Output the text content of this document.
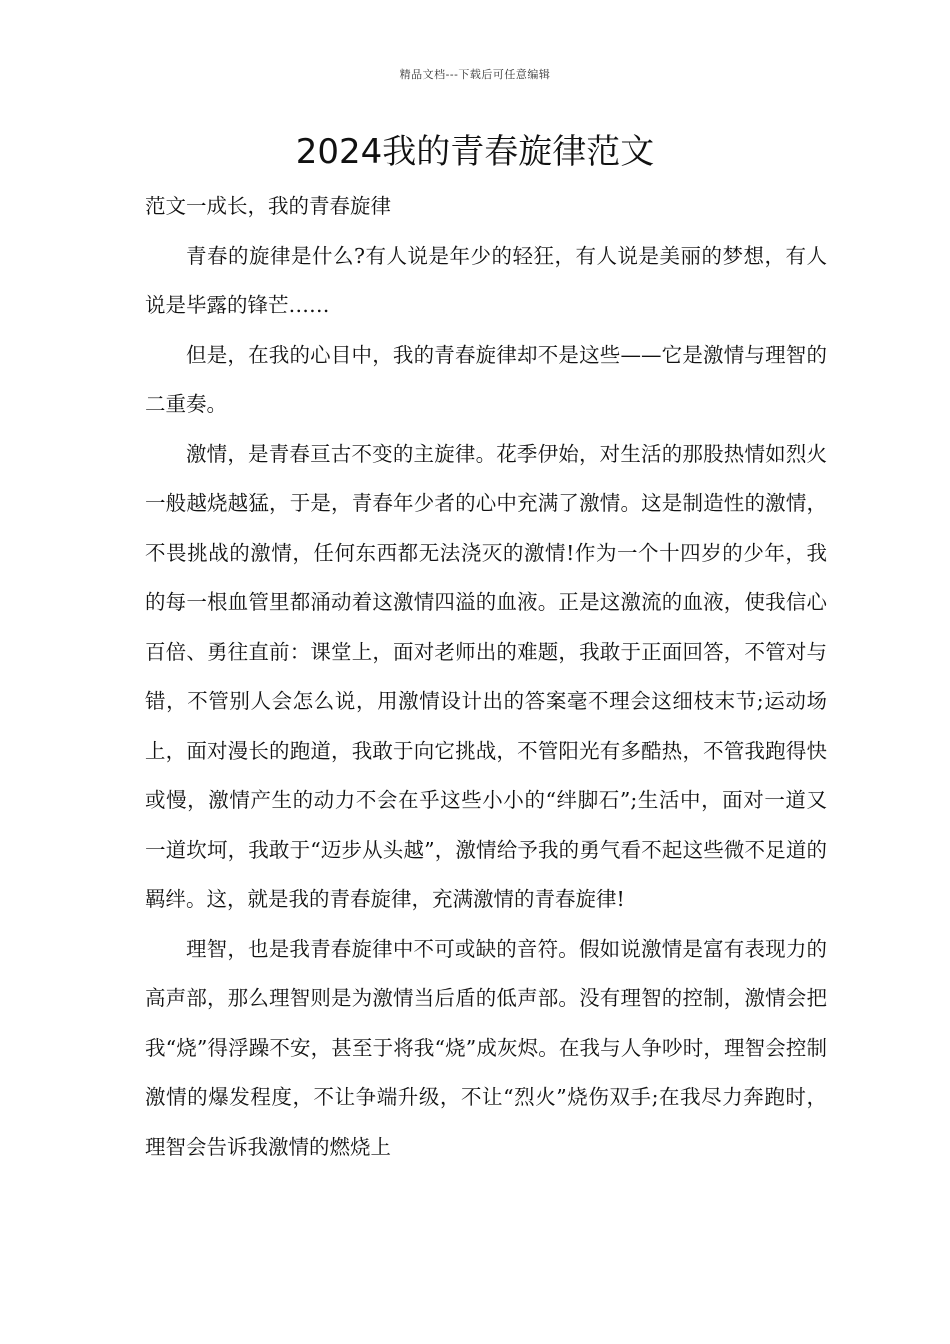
精品文档---下载后可任意编辑
2024我的青春旋律范文

范文一成长，我的青春旋律

青春的旋律是什么?有人说是年少的轻狂，有人说是美丽的梦想，有人说是毕露的锋芒……

但是，在我的心目中，我的青春旋律却不是这些——它是激情与理智的二重奏。

激情，是青春亘古不变的主旋律。花季伊始，对生活的那股热情如烈火一般越烧越猛，于是，青春年少者的心中充满了激情。这是制造性的激情，不畏挑战的激情，任何东西都无法浇灭的激情!作为一个十四岁的少年，我的每一根血管里都涌动着这激情四溢的血液。正是这激流的血液，使我信心百倍、勇往直前：课堂上，面对老师出的难题，我敢于正面回答，不管对与错，不管别人会怎么说，用激情设计出的答案毫不理会这细枝末节;运动场上，面对漫长的跑道，我敢于向它挑战，不管阳光有多酷热，不管我跑得快或慢，激情产生的动力不会在乎这些小小的“绊脚石”;生活中，面对一道又一道坎坷，我敢于“迈步从头越”，激情给予我的勇气看不起这些微不足道的羁绊。这，就是我的青春旋律，充满激情的青春旋律!

理智，也是我青春旋律中不可或缺的音符。假如说激情是富有表现力的高声部，那么理智则是为激情当后盾的低声部。没有理智的控制，激情会把我“烧”得浮躁不安，甚至于将我“烧”成灰烬。在我与人争吵时，理智会控制激情的爆发程度，不让争端升级，不让“烈火”烧伤双手;在我尽力奔跑时，理智会告诉我激情的燃烧上
